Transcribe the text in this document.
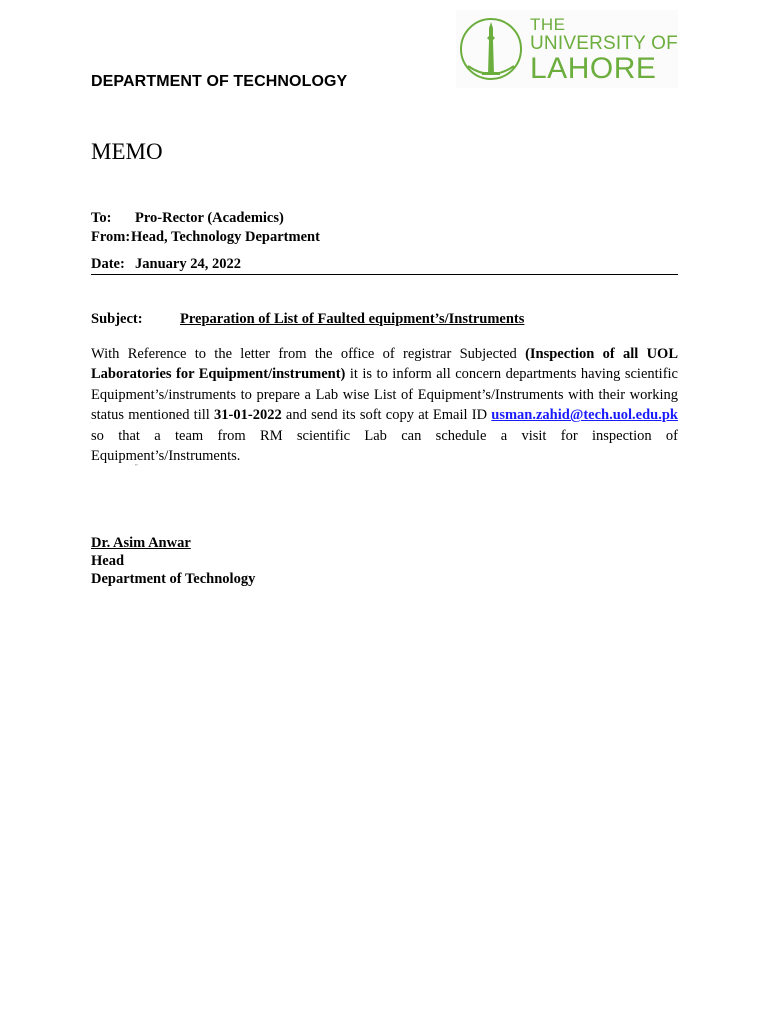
THE
UNIVERSITY OF
LAHORE
DEPARTMENT OF TECHNOLOGY
MEMO
To: Pro-Rector (Academics)
From: Head, Technology Department
Date: January 24, 2022
Subject:	Preparation of List of Faulted equipment’s/Instruments
With Reference to the letter from the office of registrar Subjected (Inspection of all UOL Laboratories for Equipment/instrument) it is to inform all concern departments having scientific Equipment’s/instruments to prepare a Lab wise List of Equipment’s/Instruments with their working status mentioned till 31-01-2022 and send its soft copy at Email ID usman.zahid@tech.uol.edu.pk so that a team from RM scientific Lab can schedule a visit for inspection of Equipment’s/Instruments.
˝
Dr. Asim Anwar
Head
Department of Technology
